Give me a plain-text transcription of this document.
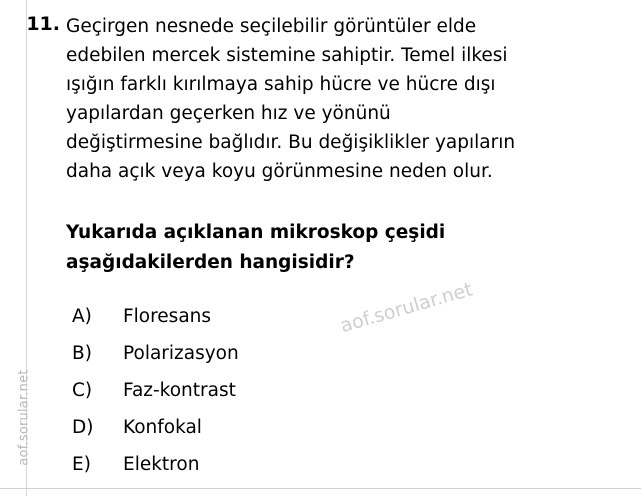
aof.sorular.net
11. Geçirgen nesnede seçilebilir görüntüler elde
edebilen mercek sistemine sahiptir. Temel ilkesi
ışığın farklı kırılmaya sahip hücre ve hücre dışı
yapılardan geçerken hız ve yönünü
değiştirmesine bağlıdır. Bu değişiklikler yapıların
daha açık veya koyu görünmesine neden olur.
Yukarıda açıklanan mikroskop çeşidi
aşağıdakilerden hangisidir?
A)	Floresans
B)	Polarizasyon
C)	Faz-kontrast
D)	Konfokal
E)	Elektron
aof.sorular.net
